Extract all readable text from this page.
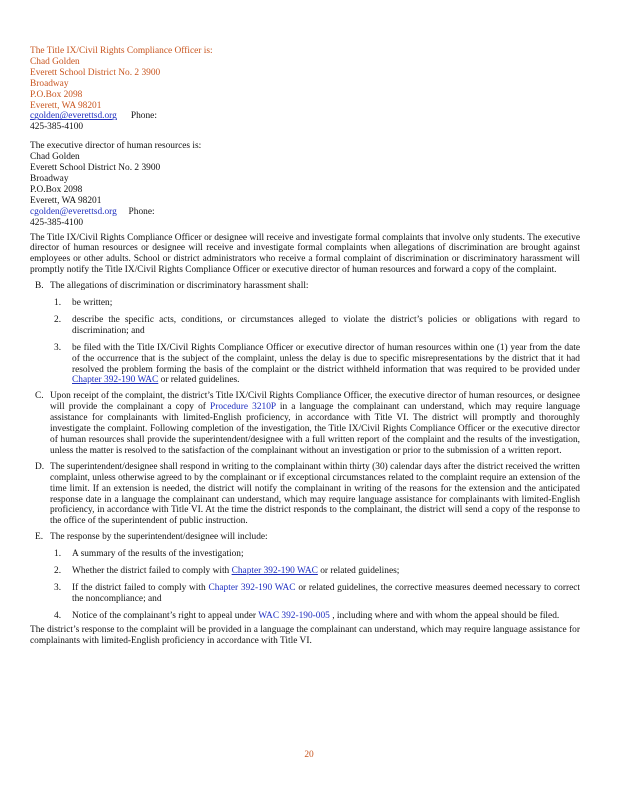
The Title IX/Civil Rights Compliance Officer is:
Chad Golden
Everett School District No. 2 3900
Broadway
P.O.Box 2098
Everett, WA 98201
cgolden@everettsd.org Phone:
425-385-4100
The executive director of human resources is:
Chad Golden
Everett School District No. 2 3900
Broadway
P.O.Box 2098
Everett, WA 98201
cgolden@everettsd.org Phone:
425-385-4100
The Title IX/Civil Rights Compliance Officer or designee will receive and investigate formal complaints that involve only students. The executive director of human resources or designee will receive and investigate formal complaints when allegations of discrimination are brought against employees or other adults. School or district administrators who receive a formal complaint of discrimination or discriminatory harassment will promptly notify the Title IX/Civil Rights Compliance Officer or executive director of human resources and forward a copy of the complaint.
B. The allegations of discrimination or discriminatory harassment shall:
1. be written;
2. describe the specific acts, conditions, or circumstances alleged to violate the district’s policies or obligations with regard to discrimination; and
3. be filed with the Title IX/Civil Rights Compliance Officer or executive director of human resources within one (1) year from the date of the occurrence that is the subject of the complaint, unless the delay is due to specific misrepresentations by the district that it had resolved the problem forming the basis of the complaint or the district withheld information that was required to be provided under Chapter 392-190 WAC or related guidelines.
C. Upon receipt of the complaint, the district’s Title IX/Civil Rights Compliance Officer, the executive director of human resources, or designee will provide the complainant a copy of Procedure 3210P in a language the complainant can understand, which may require language assistance for complainants with limited-English proficiency, in accordance with Title VI. The district will promptly and thoroughly investigate the complaint. Following completion of the investigation, the Title IX/Civil Rights Compliance Officer or the executive director of human resources shall provide the superintendent/designee with a full written report of the complaint and the results of the investigation, unless the matter is resolved to the satisfaction of the complainant without an investigation or prior to the submission of a written report.
D. The superintendent/designee shall respond in writing to the complainant within thirty (30) calendar days after the district received the written complaint, unless otherwise agreed to by the complainant or if exceptional circumstances related to the complaint require an extension of the time limit. If an extension is needed, the district will notify the complainant in writing of the reasons for the extension and the anticipated response date in a language the complainant can understand, which may require language assistance for complainants with limited-English proficiency, in accordance with Title VI. At the time the district responds to the complainant, the district will send a copy of the response to the office of the superintendent of public instruction.
E. The response by the superintendent/designee will include:
1. A summary of the results of the investigation;
2. Whether the district failed to comply with Chapter 392-190 WAC or related guidelines;
3. If the district failed to comply with Chapter 392-190 WAC or related guidelines, the corrective measures deemed necessary to correct the noncompliance; and
4. Notice of the complainant’s right to appeal under WAC 392-190-005 , including where and with whom the appeal should be filed.
The district’s response to the complaint will be provided in a language the complainant can understand, which may require language assistance for complainants with limited-English proficiency in accordance with Title VI.
20
